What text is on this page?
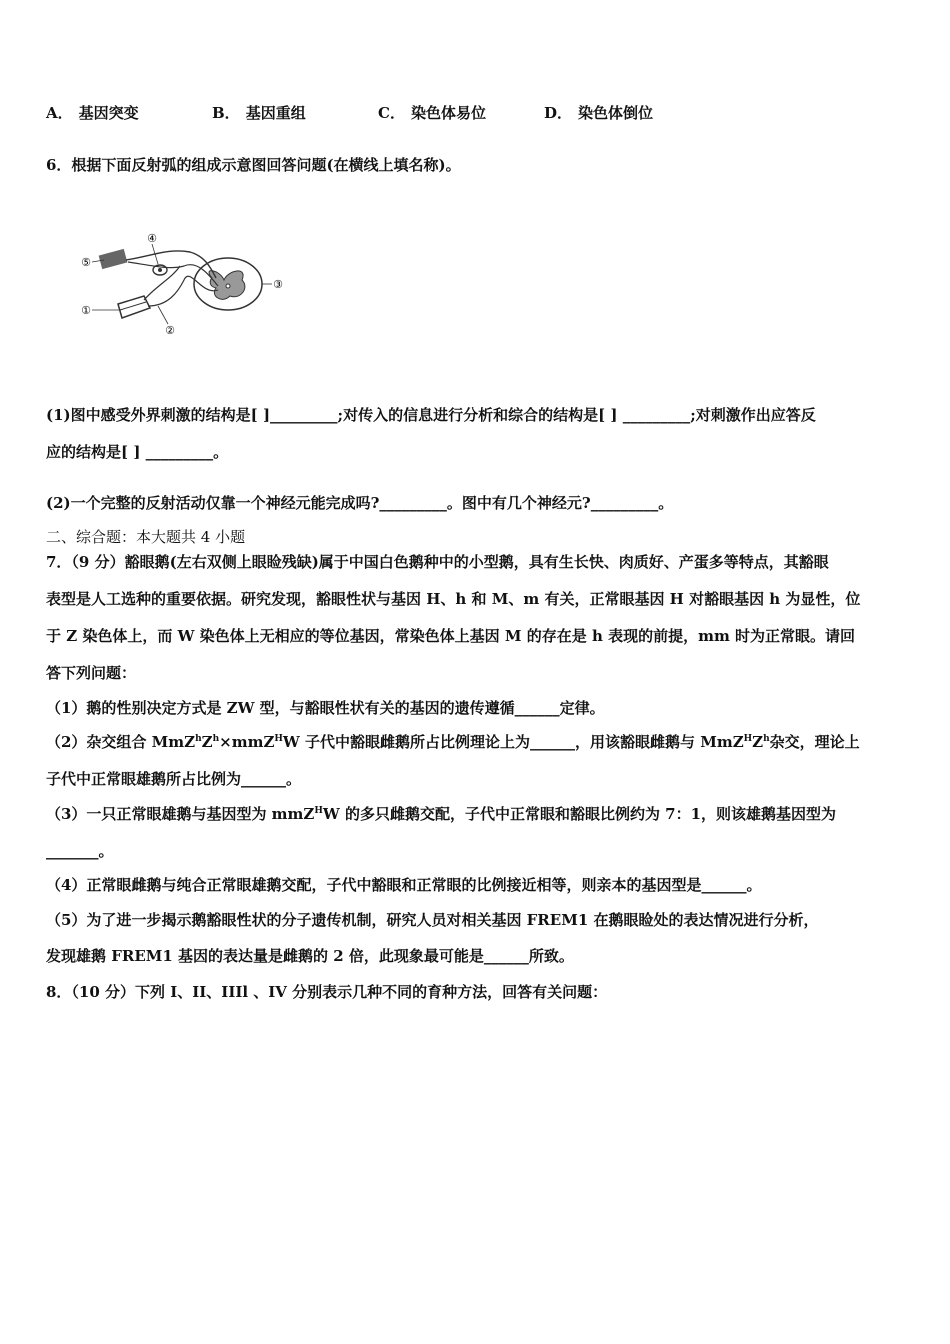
A． 基因突变	B． 基因重组	C． 染色体易位	D． 染色体倒位
6．根据下面反射弧的组成示意图回答问题(在横线上填名称)。
④
⑤
①
②
③
(1)图中感受外界刺激的结构是[ ]_________;对传入的信息进行分析和综合的结构是[ ] _________;对刺激作出应答反
应的结构是[ ] _________。
(2)一个完整的反射活动仅靠一个神经元能完成吗?_________。图中有几个神经元?_________。
二、综合题：本大题共 4 小题
7．（9 分）豁眼鹅(左右双侧上眼睑残缺)属于中国白色鹅种中的小型鹅，具有生长快、肉质好、产蛋多等特点，其豁眼
表型是人工选种的重要依据。研究发现，豁眼性状与基因 H、h 和 M、m 有关，正常眼基因 H 对豁眼基因 h 为显性，位
于 Z 染色体上，而 W 染色体上无相应的等位基因，常染色体上基因 M 的存在是 h 表现的前提，mm 时为正常眼。请回
答下列问题：
（1）鹅的性别决定方式是 ZW 型，与豁眼性状有关的基因的遗传遵循______定律。
（2）杂交组合 $MmZ^hZ^h\times mmZ^HW$ 子代中豁眼雌鹅所占比例理论上为______，用该豁眼雌鹅与 $MmZ^HZ^h$杂交，理论上
子代中正常眼雄鹅所占比例为______。
（3）一只正常眼雄鹅与基因型为 mmZ$^H$W 的多只雌鹅交配，子代中正常眼和豁眼比例约为 7：1，则该雄鹅基因型为
_______。
（4）正常眼雌鹅与纯合正常眼雄鹅交配，子代中豁眼和正常眼的比例接近相等，则亲本的基因型是______。
（5）为了进一步揭示鹅豁眼性状的分子遗传机制，研究人员对相关基因 FREM1 在鹅眼睑处的表达情况进行分析，
发现雄鹅 FREM1 基因的表达量是雌鹅的 2 倍，此现象最可能是______所致。
8．（10 分）下列 I、II、IIIl 、IV 分别表示几种不同的育种方法，回答有关问题：
